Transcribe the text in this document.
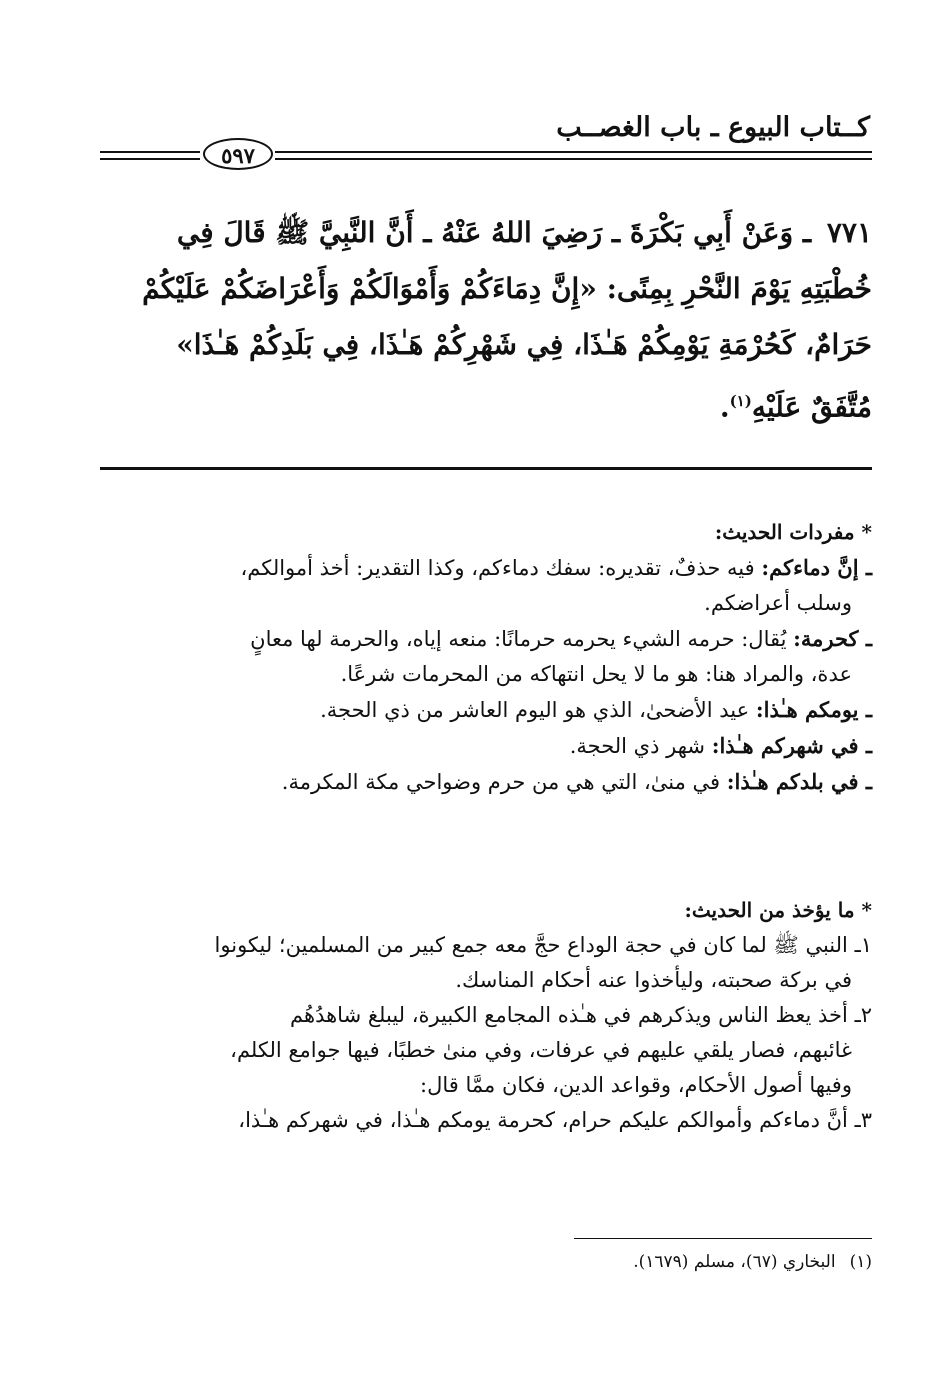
كــتاب البيوع ـ باب الغصــب
٥٩٧
٧٧١ ـ وَعَنْ أَبِي بَكْرَةَ ـ رَضِيَ اللهُ عَنْهُ ـ أَنَّ النَّبِيَّ ﷺ قَالَ فِي
خُطْبَتِهِ يَوْمَ النَّحْرِ بِمِنًى: «إِنَّ دِمَاءَكُمْ وَأَمْوَالَكُمْ وَأَعْرَاضَكُمْ عَلَيْكُمْ
حَرَامٌ، كَحُرْمَةِ يَوْمِكُمْ هَـٰذَا، فِي شَهْرِكُمْ هَـٰذَا، فِي بَلَدِكُمْ هَـٰذَا»
مُتَّفَقٌ عَلَيْهِ$^{(١)}$.
* مفردات الحديث:
ـ إنَّ دماءكم: فيه حذفٌ، تقديره: سفك دماءكم، وكذا التقدير: أخذ أموالكم،
وسلب أعراضكم.
ـ كحرمة: يُقال: حرمه الشيء يحرمه حرمانًا: منعه إياه، والحرمة لها معانٍ
عدة، والمراد هنا: هو ما لا يحل انتهاكه من المحرمات شرعًا.
ـ يومكم هـٰذا: عيد الأضحىٰ، الذي هو اليوم العاشر من ذي الحجة.
ـ في شهركم هـٰذا: شهر ذي الحجة.
ـ في بلدكم هـٰذا: في منىٰ، التي هي من حرم وضواحي مكة المكرمة.
* ما يؤخذ من الحديث:
١ـ النبي ﷺ لما كان في حجة الوداع حجَّ معه جمع كبير من المسلمين؛ ليكونوا
في بركة صحبته، وليأخذوا عنه أحكام المناسك.
٢ـ أخذ يعظ الناس ويذكرهم في هـٰذه المجامع الكبيرة، ليبلغ شاهدُهُم
غائبهم، فصار يلقي عليهم في عرفات، وفي منىٰ خطبًا، فيها جوامع الكلم،
وفيها أصول الأحكام، وقواعد الدين، فكان ممَّا قال:
٣ـ أنَّ دماءكم وأموالكم عليكم حرام، كحرمة يومكم هـٰذا، في شهركم هـٰذا،
(١)البخاري (٦٧)، مسلم (١٦٧٩).
